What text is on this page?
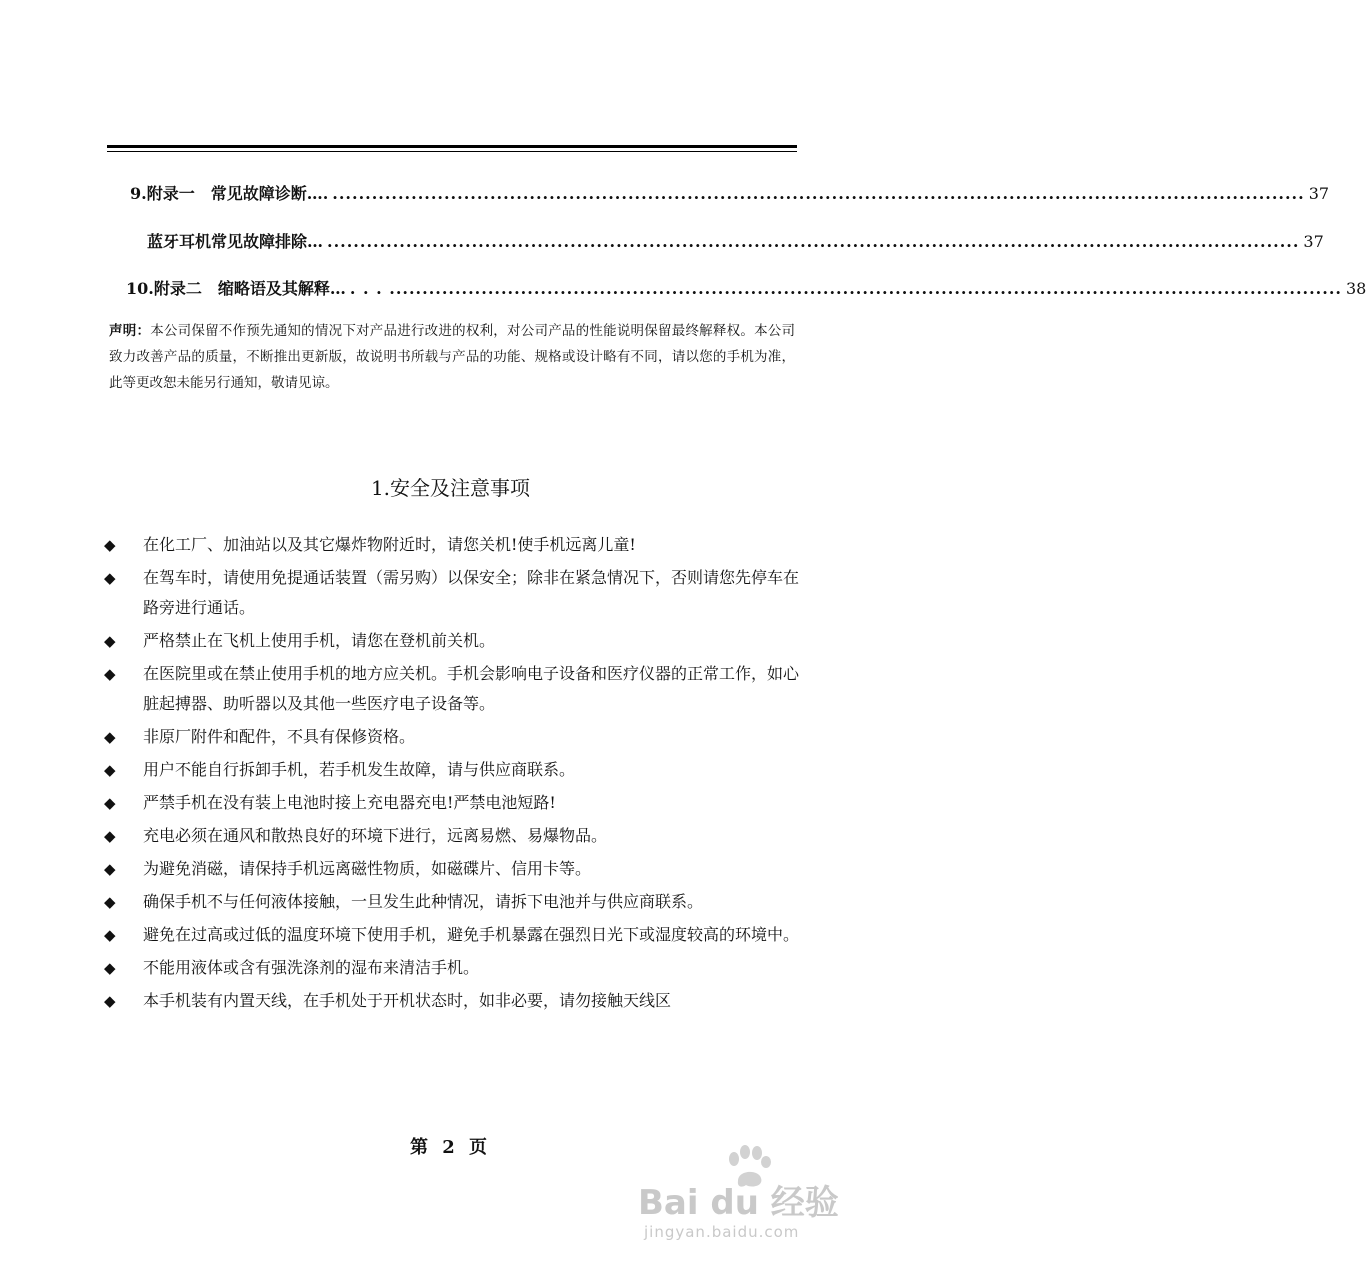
9.附录一　常见故障诊断…. .................................................................................................................................................... 37
蓝牙耳机常见故障排除… .................................................................................................................................................... 37
10.附录二　缩略语及其解释… . . . ................................................................................................................................................. 38
声明：本公司保留不作预先通知的情况下对产品进行改进的权利，对公司产品的性能说明保留最终解释权。本公司致力改善产品的质量，不断推出更新版，故说明书所载与产品的功能、规格或设计略有不同，请以您的手机为准，此等更改恕未能另行通知，敬请见谅。
1.安全及注意事项
◆ 在化工厂、加油站以及其它爆炸物附近时，请您关机!使手机远离儿童!
◆ 在驾车时，请使用免提通话装置（需另购）以保安全；除非在紧急情况下，否则请您先停车在路旁进行通话。
◆ 严格禁止在飞机上使用手机，请您在登机前关机。
◆ 在医院里或在禁止使用手机的地方应关机。手机会影响电子设备和医疗仪器的正常工作，如心脏起搏器、助听器以及其他一些医疗电子设备等。
◆ 非原厂附件和配件，不具有保修资格。
◆ 用户不能自行拆卸手机，若手机发生故障，请与供应商联系。
◆ 严禁手机在没有装上电池时接上充电器充电!严禁电池短路!
◆ 充电必须在通风和散热良好的环境下进行，远离易燃、易爆物品。
◆ 为避免消磁，请保持手机远离磁性物质，如磁碟片、信用卡等。
◆ 确保手机不与任何液体接触，一旦发生此种情况，请拆下电池并与供应商联系。
◆ 避免在过高或过低的温度环境下使用手机，避免手机暴露在强烈日光下或湿度较高的环境中。
◆ 不能用液体或含有强洗涤剂的湿布来清洁手机。
◆ 本手机装有内置天线，在手机处于开机状态时，如非必要，请勿接触天线区
第 2 页
Bai du 经验
jingyan.baidu.com
